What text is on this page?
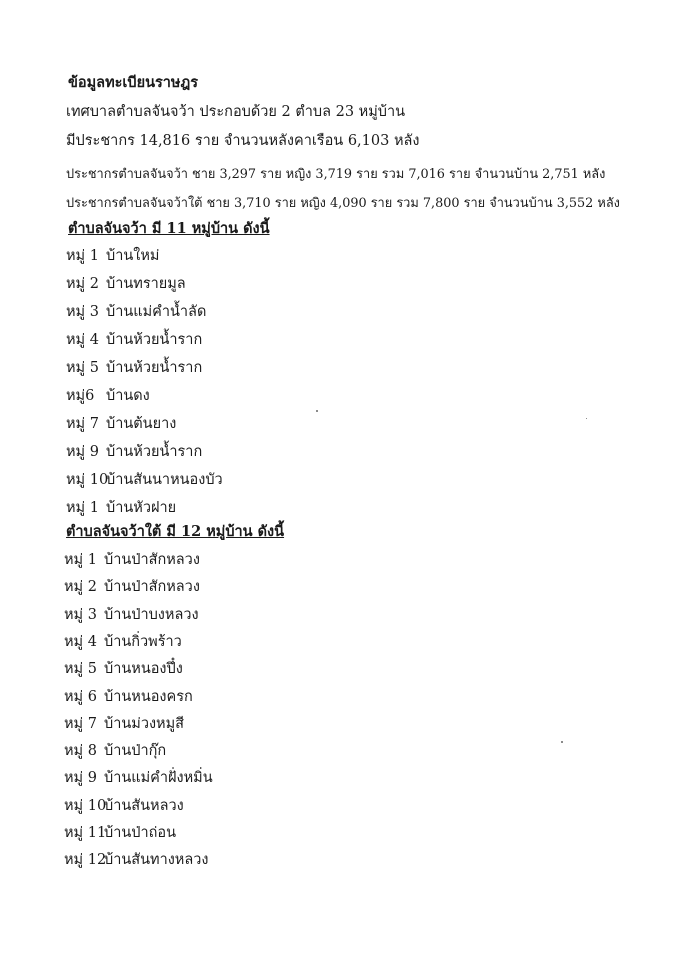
ข้อมูลทะเบียนราษฎร
เทศบาลตำบลจันจว้า ประกอบด้วย 2 ตำบล 23 หมู่บ้าน
มีประชากร 14,816 ราย จำนวนหลังคาเรือน 6,103 หลัง
ประชากรตำบลจันจว้า ชาย 3,297 ราย หญิง 3,719 ราย รวม 7,016 ราย จำนวนบ้าน 2,751 หลัง
ประชากรตำบลจันจว้าใต้ ชาย 3,710 ราย หญิง 4,090 ราย รวม 7,800 ราย จำนวนบ้าน 3,552 หลัง
ตำบลจันจว้า มี 11 หมู่บ้าน ดังนี้
หมู่ 1 บ้านใหม่
หมู่ 2 บ้านทรายมูล
หมู่ 3 บ้านแม่คำน้ำลัด
หมู่ 4 บ้านห้วยน้ำราก
หมู่ 5 บ้านห้วยน้ำราก
หมู่6 บ้านดง
หมู่ 7 บ้านต้นยาง
หมู่ 9 บ้านห้วยน้ำราก
หมู่ 10บ้านสันนาหนองบัว
หมู่ 1 บ้านหัวฝาย
ตำบลจันจว้าใต้ มี 12 หมู่บ้าน ดังนี้
หมู่ 1 บ้านป่าสักหลวง
หมู่ 2 บ้านป่าสักหลวง
หมู่ 3 บ้านป่าบงหลวง
หมู่ 4 บ้านกิ่วพร้าว
หมู่ 5 บ้านหนองปึ๋ง
หมู่ 6 บ้านหนองครก
หมู่ 7 บ้านม่วงหมูสี
หมู่ 8 บ้านป่ากุ๊ก
หมู่ 9 บ้านแม่คำฝั่งหมิ่น
หมู่ 10บ้านสันหลวง
หมู่ 11บ้านป่าถ่อน
หมู่ 12บ้านสันทางหลวง
